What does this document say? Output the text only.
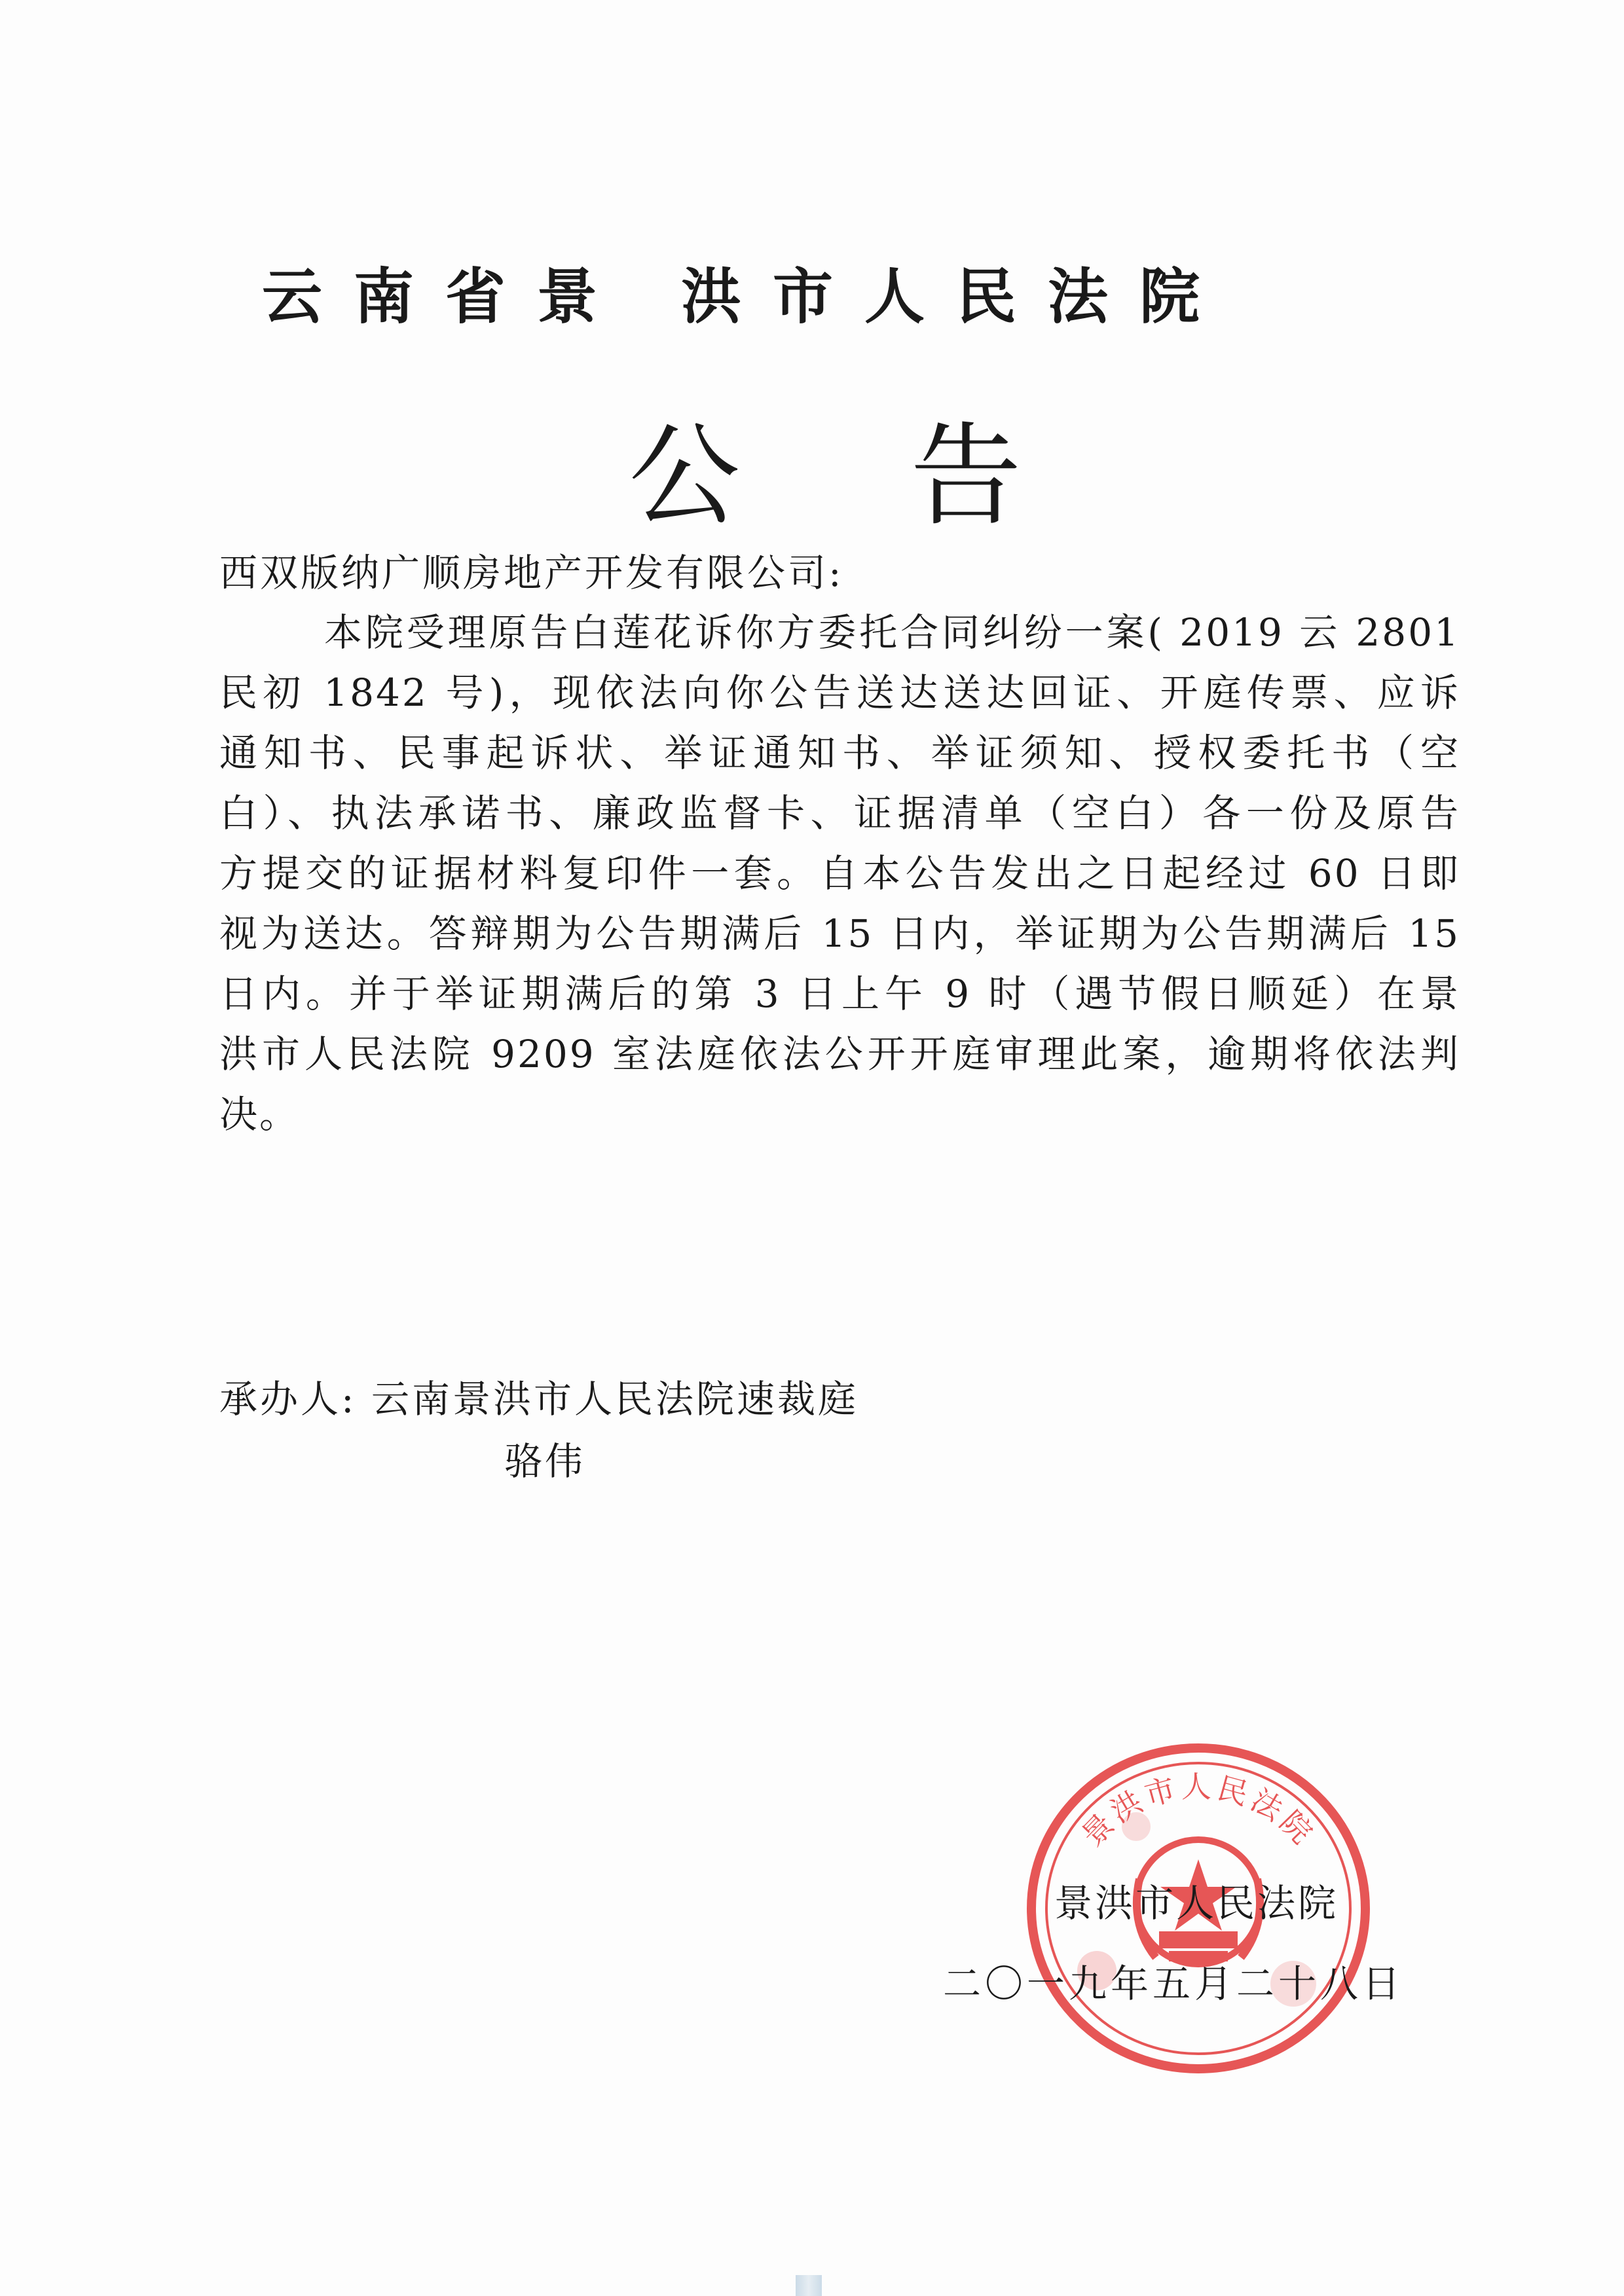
云南省景 洪市人民法院
公告
西双版纳广顺房地产开发有限公司:
本院受理原告白莲花诉你方委托合同纠纷一案( 2019 云 2801
民初 1842 号)，现依法向你公告送达送达回证、开庭传票、应诉
通知书、民事起诉状、举证通知书、举证须知、授权委托书（空
白）、执法承诺书、廉政监督卡、证据清单（空白）各一份及原告
方提交的证据材料复印件一套。自本公告发出之日起经过 60 日即
视为送达。答辩期为公告期满后 15 日内，举证期为公告期满后 15
日内。并于举证期满后的第 3 日上午 9 时（遇节假日顺延）在景
洪市人民法院 9209 室法庭依法公开开庭审理此案，逾期将依法判
决。
承办人: 云南景洪市人民法院速裁庭
骆伟
景洪市人民法院
景洪市人民法院
二〇一九年五月二十八日
